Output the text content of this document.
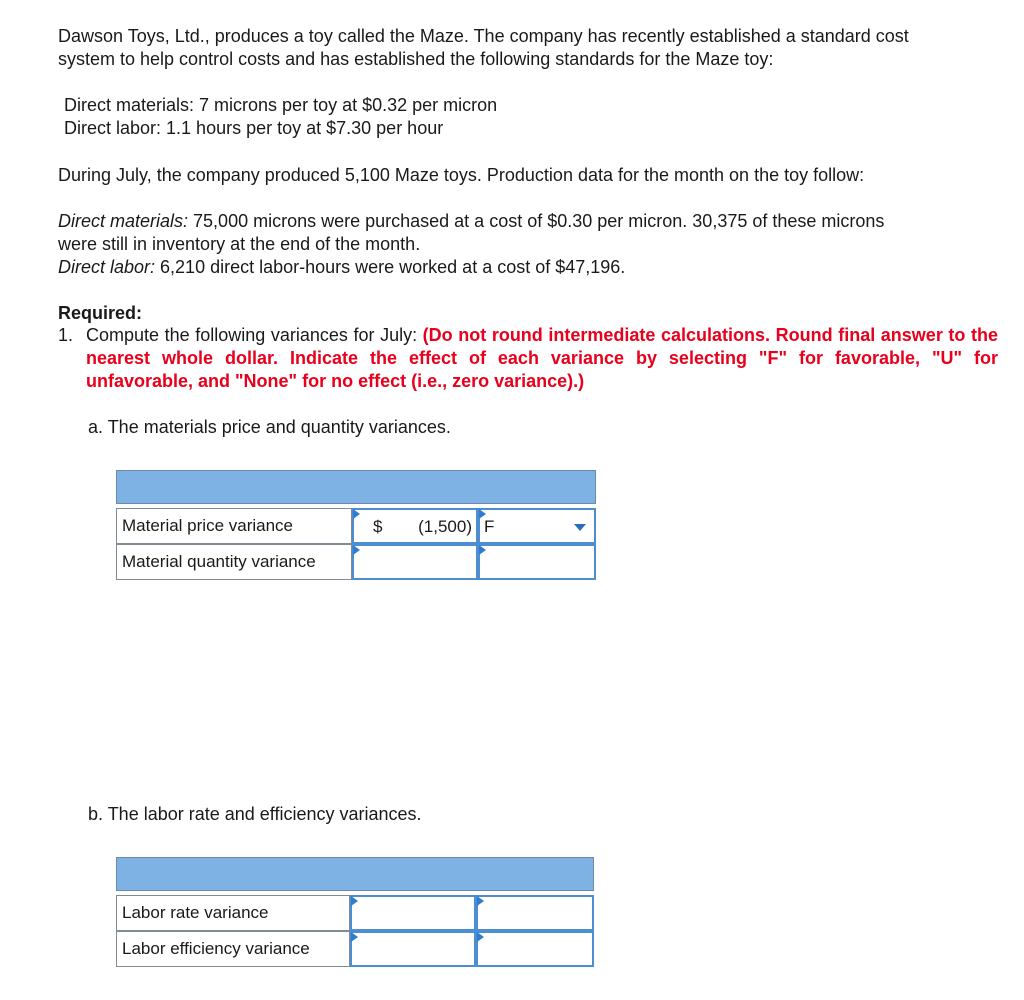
Dawson Toys, Ltd., produces a toy called the Maze. The company has recently established a standard cost
system to help control costs and has established the following standards for the Maze toy:
Direct materials: 7 microns per toy at $0.32 per micron
Direct labor: 1.1 hours per toy at $7.30 per hour
During July, the company produced 5,100 Maze toys. Production data for the month on the toy follow:
Direct materials: 75,000 microns were purchased at a cost of $0.30 per micron. 30,375 of these microns
were still in inventory at the end of the month.
Direct labor: 6,210 direct labor-hours were worked at a cost of $47,196.
Required:
1. Compute the following variances for July: (Do not round intermediate calculations. Round final answer to the nearest whole dollar. Indicate the effect of each variance by selecting "F" for favorable, "U" for unfavorable, and "None" for no effect (i.e., zero variance).)
a. The materials price and quantity variances.
Material price variance	$ (1,500) F
Material quantity variance
b. The labor rate and efficiency variances.
Labor rate variance
Labor efficiency variance
